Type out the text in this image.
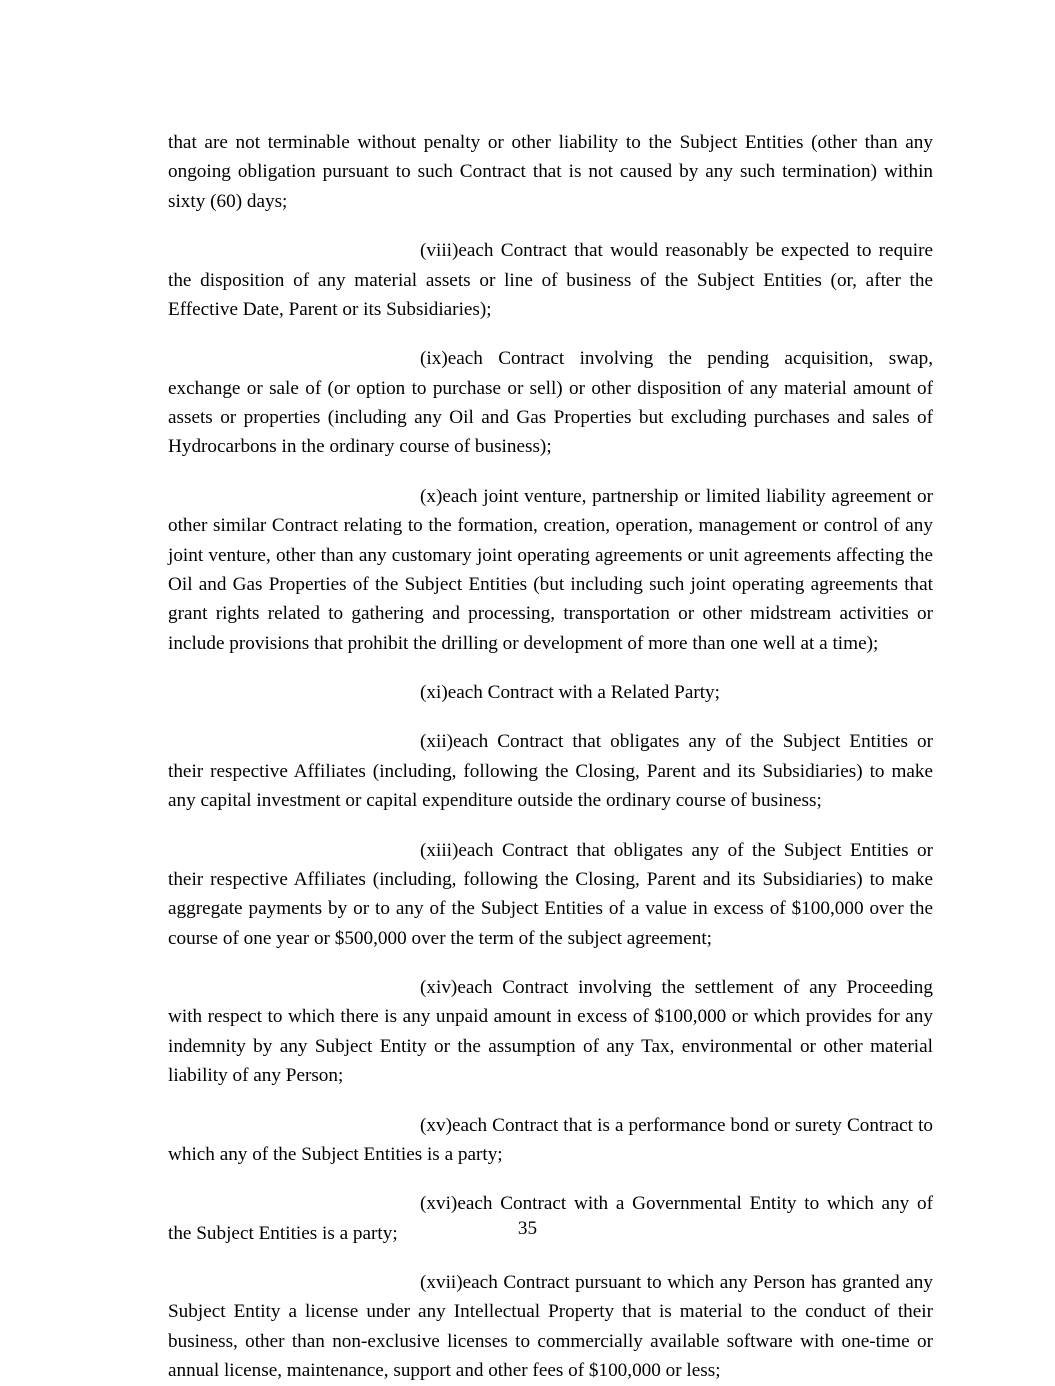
that are not terminable without penalty or other liability to the Subject Entities (other than any ongoing obligation pursuant to such Contract that is not caused by any such termination) within sixty (60) days;

(viii)each Contract that would reasonably be expected to require the disposition of any material assets or line of business of the Subject Entities (or, after the Effective Date, Parent or its Subsidiaries);

(ix)each Contract involving the pending acquisition, swap, exchange or sale of (or option to purchase or sell) or other disposition of any material amount of assets or properties (including any Oil and Gas Properties but excluding purchases and sales of Hydrocarbons in the ordinary course of business);

(x)each joint venture, partnership or limited liability agreement or other similar Contract relating to the formation, creation, operation, management or control of any joint venture, other than any customary joint operating agreements or unit agreements affecting the Oil and Gas Properties of the Subject Entities (but including such joint operating agreements that grant rights related to gathering and processing, transportation or other midstream activities or include provisions that prohibit the drilling or development of more than one well at a time);

(xi)each Contract with a Related Party;

(xii)each Contract that obligates any of the Subject Entities or their respective Affiliates (including, following the Closing, Parent and its Subsidiaries) to make any capital investment or capital expenditure outside the ordinary course of business;

(xiii)each Contract that obligates any of the Subject Entities or their respective Affiliates (including, following the Closing, Parent and its Subsidiaries) to make aggregate payments by or to any of the Subject Entities of a value in excess of $100,000 over the course of one year or $500,000 over the term of the subject agreement;

(xiv)each Contract involving the settlement of any Proceeding with respect to which there is any unpaid amount in excess of $100,000 or which provides for any indemnity by any Subject Entity or the assumption of any Tax, environmental or other material liability of any Person;

(xv)each Contract that is a performance bond or surety Contract to which any of the Subject Entities is a party;

(xvi)each Contract with a Governmental Entity to which any of the Subject Entities is a party;

(xvii)each Contract pursuant to which any Person has granted any Subject Entity a license under any Intellectual Property that is material to the conduct of their business, other than non-exclusive licenses to commercially available software with one-time or annual license, maintenance, support and other fees of $100,000 or less;

35
